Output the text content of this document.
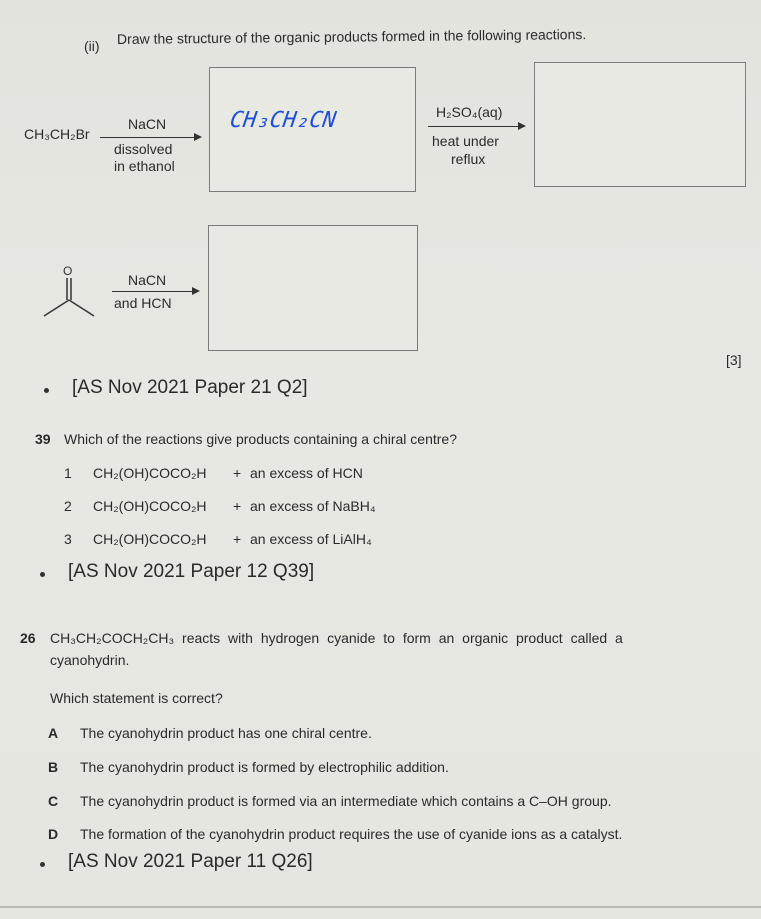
(ii) Draw the structure of the organic products formed in the following reactions.
CH₃CH₂Br
NaCN
dissolved
in ethanol
CH₃CH₂CN	H₂SO₄(aq)
heat under
reflux
O
NaCN
and HCN
[3]
[AS Nov 2021 Paper 21 Q2]
39 Which of the reactions give products containing a chiral centre?
1 CH₂(OH)COCO₂H + an excess of HCN
2 CH₂(OH)COCO₂H + an excess of NaBH₄
3 CH₂(OH)COCO₂H + an excess of LiAlH₄
[AS Nov 2021 Paper 12 Q39]
26 CH₃CH₂COCH₂CH₃ reacts with hydrogen cyanide to form an organic product called a
cyanohydrin.
Which statement is correct?
A The cyanohydrin product has one chiral centre.
B The cyanohydrin product is formed by electrophilic addition.
C The cyanohydrin product is formed via an intermediate which contains a C–OH group.
D The formation of the cyanohydrin product requires the use of cyanide ions as a catalyst.
[AS Nov 2021 Paper 11 Q26]
